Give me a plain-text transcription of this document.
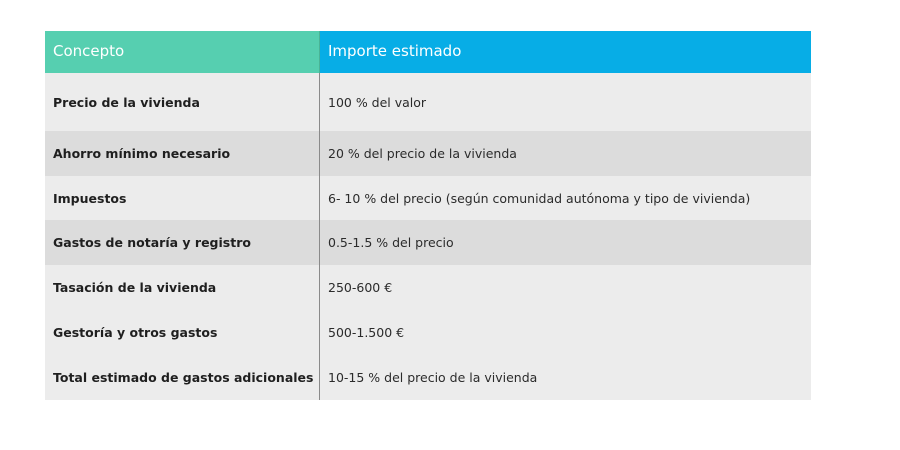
Concepto	Importe estimado
Precio de la vivienda	100 % del valor
Ahorro mínimo necesario	20 % del precio de la vivienda
Impuestos	6- 10 % del precio (según comunidad autónoma y tipo de vivienda)
Gastos de notaría y registro	0.5-1.5 % del precio
Tasación de la vivienda	250-600 €
Gestoría y otros gastos	500-1.500 €
Total estimado de gastos adicionales	10-15 % del precio de la vivienda
